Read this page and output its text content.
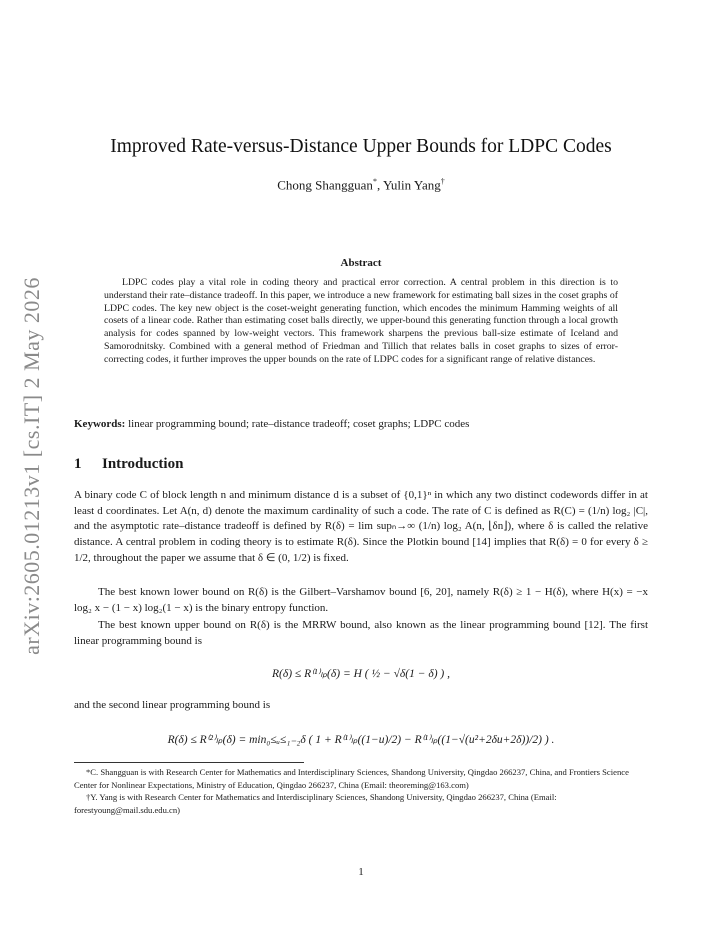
arXiv:2605.01213v1 [cs.IT] 2 May 2026
Improved Rate-versus-Distance Upper Bounds for LDPC Codes
Chong Shangguan*, Yulin Yang†
Abstract
LDPC codes play a vital role in coding theory and practical error correction. A central problem in this direction is to understand their rate–distance tradeoff. In this paper, we introduce a new framework for estimating ball sizes in the coset graphs of LDPC codes. The key new object is the coset-weight generating function, which encodes the minimum Hamming weights of all cosets of a linear code. Rather than estimating coset balls directly, we upper-bound this generating function through a local growth analysis for codes spanned by low-weight vectors. This framework sharpens the previous ball-size estimate of Iceland and Samorodnitsky. Combined with a general method of Friedman and Tillich that relates balls in coset graphs to sizes of error-correcting codes, it further improves the upper bounds on the rate of LDPC codes for a significant range of relative distances.
Keywords: linear programming bound; rate–distance tradeoff; coset graphs; LDPC codes
1 Introduction
A binary code C of block length n and minimum distance d is a subset of {0,1}ⁿ in which any two distinct codewords differ in at least d coordinates. Let A(n, d) denote the maximum cardinality of such a code. The rate of C is defined as R(C) = (1/n) log₂ |C|, and the asymptotic rate–distance tradeoff is defined by R(δ) = lim supₙ→∞ (1/n) log₂ A(n, ⌊δn⌋), where δ is called the relative distance. A central problem in coding theory is to estimate R(δ). Since the Plotkin bound [14] implies that R(δ) = 0 for every δ ≥ 1/2, throughout the paper we assume that δ ∈ (0, 1/2) is fixed.
The best known lower bound on R(δ) is the Gilbert–Varshamov bound [6, 20], namely R(δ) ≥ 1 − H(δ), where H(x) = −x log₂ x − (1 − x) log₂(1 − x) is the binary entropy function.
The best known upper bound on R(δ) is the MRRW bound, also known as the linear programming bound [12]. The first linear programming bound is
R(δ) ≤ R⁽¹⁾ₗₚ(δ) = H ( ½ − √δ(1 − δ) ) ,
and the second linear programming bound is
R(δ) ≤ R⁽²⁾ₗₚ(δ) = min₀≤ᵤ≤₁₋₂δ ( 1 + R⁽¹⁾ₗₚ((1−u)/2) − R⁽¹⁾ₗₚ((1−√(u²+2δu+2δ))/2) ) .

*C. Shangguan is with Research Center for Mathematics and Interdisciplinary Sciences, Shandong University, Qingdao 266237, China, and Frontiers Science Center for Nonlinear Expectations, Ministry of Education, Qingdao 266237, China (Email: theoreming@163.com)

†Y. Yang is with Research Center for Mathematics and Interdisciplinary Sciences, Shandong University, Qingdao 266237, China (Email: forestyoung@mail.sdu.edu.cn)

1
